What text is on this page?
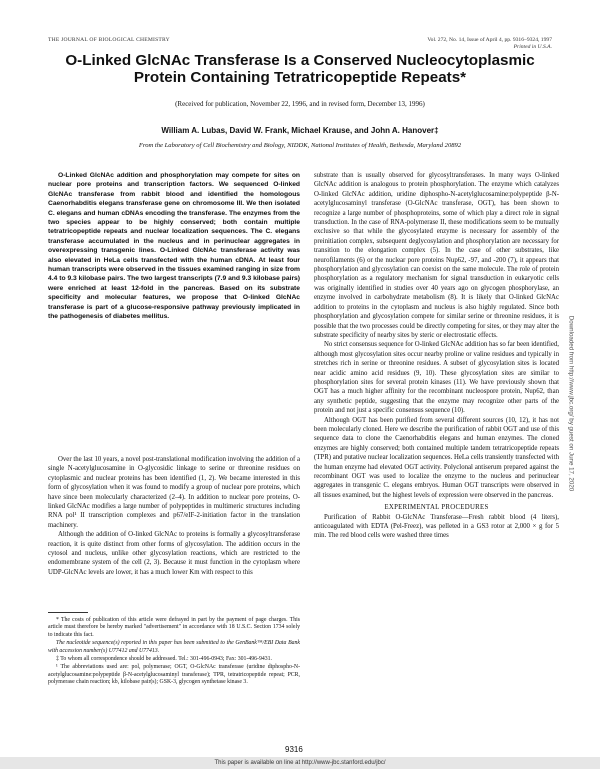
THE JOURNAL OF BIOLOGICAL CHEMISTRY	Vol. 272, No. 14, Issue of April 4, pp. 9316–9324, 1997
Printed in U.S.A.
O-Linked GlcNAc Transferase Is a Conserved Nucleocytoplasmic Protein Containing Tetratricopeptide Repeats*
(Received for publication, November 22, 1996, and in revised form, December 13, 1996)
William A. Lubas, David W. Frank, Michael Krause, and John A. Hanover‡
From the Laboratory of Cell Biochemistry and Biology, NIDDK, National Institutes of Health, Bethesda, Maryland 20892

O-Linked GlcNAc addition and phosphorylation may compete for sites on nuclear pore proteins and transcription factors. We sequenced O-linked GlcNAc transferase from rabbit blood and identified the homologous Caenorhabditis elegans transferase gene on chromosome III. We then isolated C. elegans and human cDNAs encoding the transferase. The enzymes from the two species appear to be highly conserved; both contain multiple tetratricopeptide repeats and nuclear localization sequences. The C. elegans transferase accumulated in the nucleus and in perinuclear aggregates in overexpressing transgenic lines. O-Linked GlcNAc transferase activity was also elevated in HeLa cells transfected with the human cDNA. At least four human transcripts were observed in the tissues examined ranging in size from 4.4 to 9.3 kilobase pairs. The two largest transcripts (7.9 and 9.3 kilobase pairs) were enriched at least 12-fold in the pancreas. Based on its substrate specificity and molecular features, we propose that O-linked GlcNAc transferase is part of a glucose-responsive pathway previously implicated in the pathogenesis of diabetes mellitus.

Over the last 10 years, a novel post-translational modification involving the addition of a single N-acetylglucosamine in O-glycosidic linkage to serine or threonine residues on cytoplasmic and nuclear proteins has been identified (1, 2). We became interested in this form of glycosylation when it was found to modify a group of nuclear pore proteins, which have since been molecularly characterized (2–4). In addition to nuclear pore proteins, O-linked GlcNAc modifies a large number of polypeptides in multimeric structures including RNA pol¹ II transcription complexes and p67/eIF-2-initiation factor in the translation machinery.

Although the addition of O-linked GlcNAc to proteins is formally a glycosyltransferase reaction, it is quite distinct from other forms of glycosylation. The addition occurs in the cytosol and nucleus, unlike other glycosylation reactions, which are restricted to the endomembrane system of the cell (2, 3). Because it must function in the cytoplasm where UDP-GlcNAc levels are lower, it has a much lower Km with respect to this

* The costs of publication of this article were defrayed in part by the payment of page charges. This article must therefore be hereby marked "advertisement" in accordance with 18 U.S.C. Section 1734 solely to indicate this fact.

The nucleotide sequence(s) reported in this paper has been submitted to the GenBank™/EBI Data Bank with accession number(s) U77412 and U77413.

‡ To whom all correspondence should be addressed. Tel.: 301-496-0943; Fax: 301-496-9431.

¹ The abbreviations used are: pol, polymerase; OGT, O-GlcNAc transferase (uridine diphospho-N-acetylglucosamine:polypeptide β-N-acetylglucosaminyl transferase); TPR, tetratricopeptide repeat; PCR, polymerase chain reaction; kb, kilobase pair(s); GSK-3, glycogen synthetase kinase 3.

substrate than is usually observed for glycosyltransferases. In many ways O-linked GlcNAc addition is analogous to protein phosphorylation. The enzyme which catalyzes O-linked GlcNAc addition, uridine diphospho-N-acetylglucosamine:polypeptide β-N-acetylglucosaminyl transferase (O-GlcNAc transferase, OGT), has been shown to recognize a large number of phosphoproteins, some of which play a direct role in signal transduction. In the case of RNA-polymerase II, these modifications seem to be mutually exclusive so that while the glycosylated enzyme is necessary for assembly of the preinitiation complex, subsequent deglycosylation and phosphorylation are necessary for transition to the elongation complex (5). In the case of other substrates, like neurofilaments (6) or the nuclear pore proteins Nup62, -97, and -200 (7), it appears that phosphorylation and glycosylation can coexist on the same molecule. The role of protein phosphorylation as a regulatory mechanism for signal transduction in eukaryotic cells was originally identified in studies over 40 years ago on glycogen phosphorylase, an enzyme involved in carbohydrate metabolism (8). It is likely that O-linked GlcNAc addition to proteins in the cytoplasm and nucleus is also highly regulated. Since both phosphorylation and glycosylation compete for similar serine or threonine residues, it is possible that the two processes could be directly competing for sites, or they may alter the substrate specificity of nearby sites by steric or electrostatic effects.

No strict consensus sequence for O-linked GlcNAc addition has so far been identified, although most glycosylation sites occur nearby proline or valine residues and typically in stretches rich in serine or threonine residues. A subset of glycosylation sites is located near acidic amino acid residues (9, 10). These glycosylation sites are similar to phosphorylation sites for several protein kinases (11). We have previously shown that OGT has a much higher affinity for the recombinant nucleospore protein, Nup62, than any synthetic peptide, suggesting that the enzyme may recognize other parts of the protein and not just a specific consensus sequence (10).

Although OGT has been purified from several different sources (10, 12), it has not been molecularly cloned. Here we describe the purification of rabbit OGT and use of this sequence data to clone the Caenorhabditis elegans and human enzymes. The cloned enzymes are highly conserved; both contained multiple tandem tetratricopeptide repeats (TPR) and putative nuclear localization sequences. HeLa cells transiently transfected with the human enzyme had elevated OGT activity. Polyclonal antiserum prepared against the recombinant OGT was used to localize the enzyme to the nucleus and perinuclear aggregates in transgenic C. elegans embryos. Human OGT transcripts were observed in all tissues examined, but the highest levels of expression were observed in the pancreas.

EXPERIMENTAL PROCEDURES

Purification of Rabbit O-GlcNAc Transferase—Fresh rabbit blood (4 liters), anticoagulated with EDTA (Pel-Freez), was pelleted in a GS3 rotor at 2,000 × g for 5 min. The red blood cells were washed three times

Downloaded from http://www.jbc.org/ by guest on June 17, 2020
9316
This paper is available on line at http://www-jbc.stanford.edu/jbc/
